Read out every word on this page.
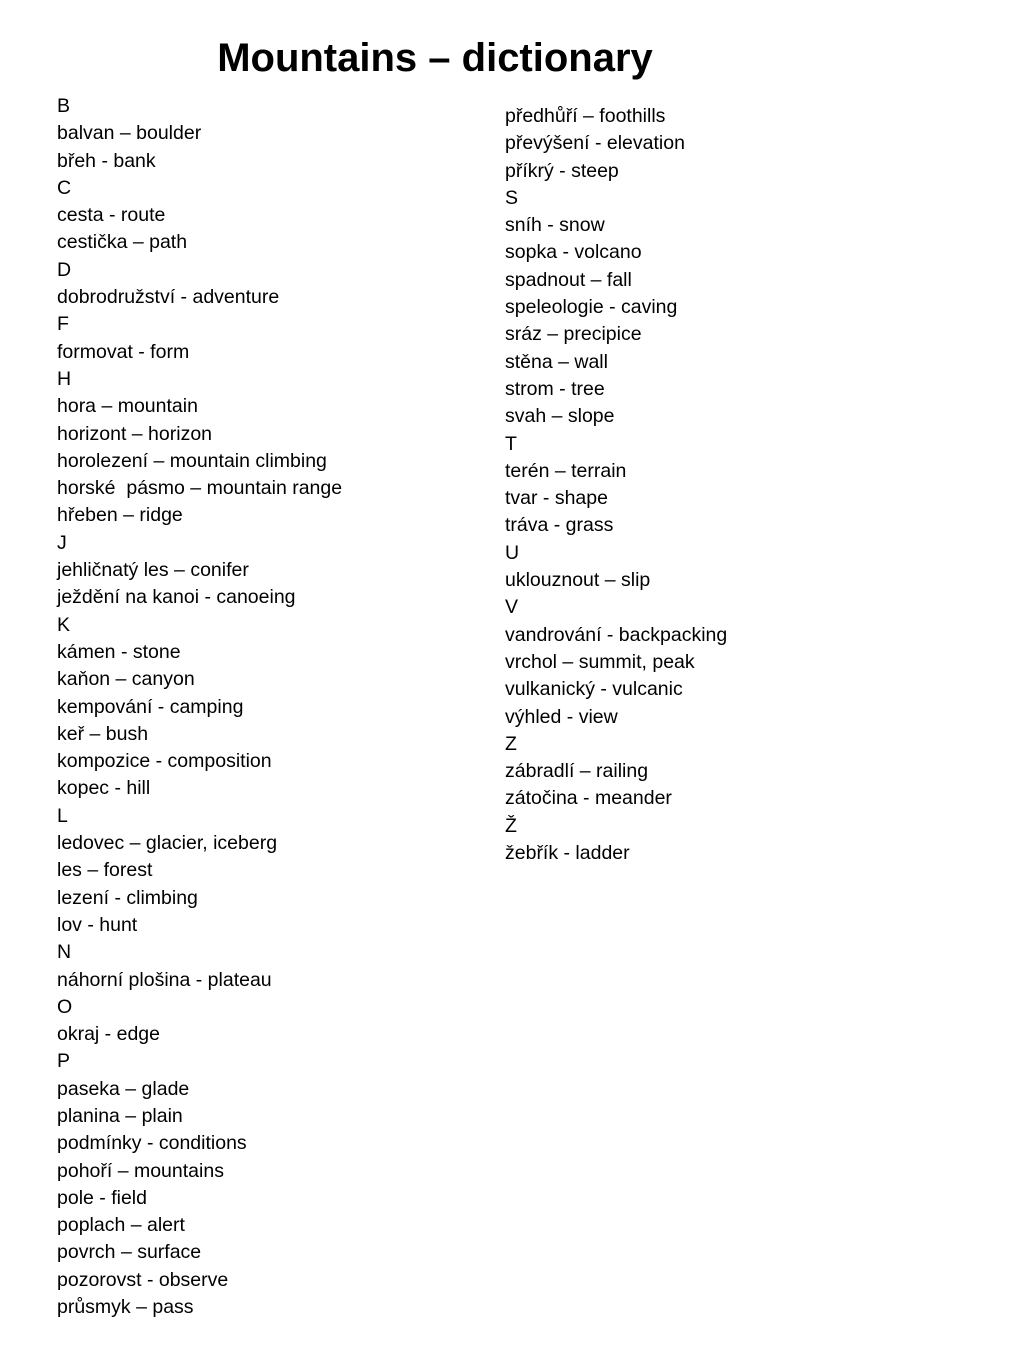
Mountains – dictionary
B
balvan – boulder
břeh - bank
C
cesta - route
cestička – path
D
dobrodružství - adventure
F
formovat - form
H
hora – mountain
horizont – horizon
horolezení – mountain climbing
horské  pásmo – mountain range
hřeben – ridge
J
jehličnatý les – conifer
ježdění na kanoi - canoeing
K
kámen - stone
kaňon – canyon
kempování - camping
keř – bush
kompozice - composition
kopec - hill
L
ledovec – glacier, iceberg
les – forest
lezení - climbing
lov - hunt
N
náhorní plošina - plateau
O
okraj - edge
P
paseka – glade
planina – plain
podmínky - conditions
pohoří – mountains
pole - field
poplach – alert
povrch – surface
pozorovst - observe
průsmyk – pass
předhůří – foothills
převýšení - elevation
příkrý - steep
S
sníh - snow
sopka - volcano
spadnout – fall
speleologie - caving
sráz – precipice
stěna – wall
strom - tree
svah – slope
T
terén – terrain
tvar - shape
tráva - grass
U
uklouznout – slip
V
vandrování - backpacking
vrchol – summit, peak
vulkanický - vulcanic
výhled - view
Z
zábradlí – railing
zátočina - meander
Ž
žebřík - ladder
